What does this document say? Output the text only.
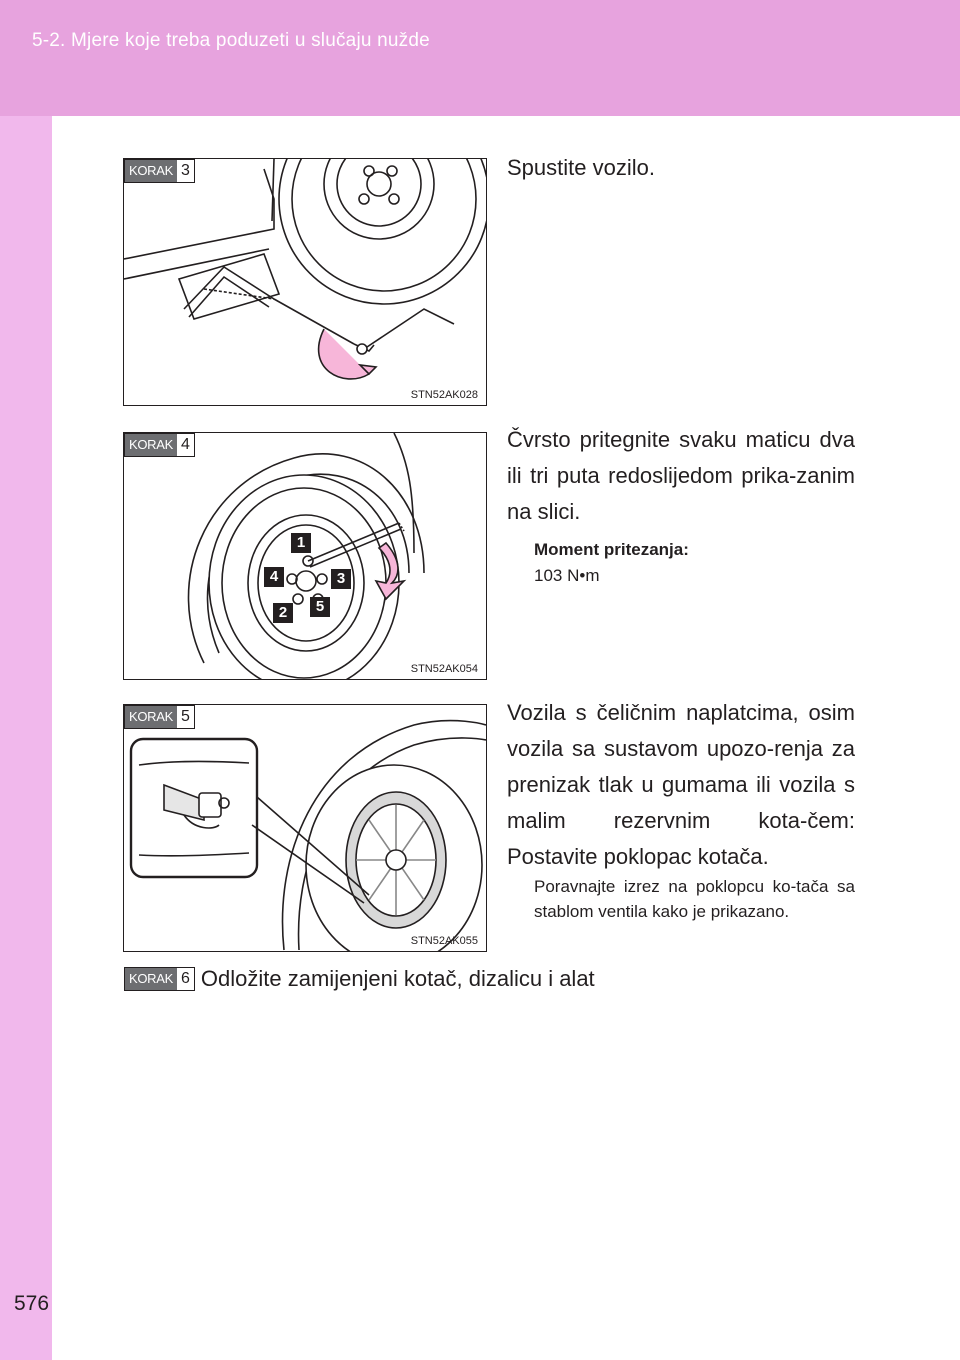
5-2. Mjere koje treba poduzeti u slučaju nužde
576
KORAK 3
STN52AK028
Spustite vozilo.
1
4	3
2	5
KORAK 4
STN52AK054
Čvrsto pritegnite svaku maticu dva ili tri puta redoslijedom prika-zanim na slici.
Moment pritezanja:
103 N•m
KORAK 5
STN52AK055
Vozila s čeličnim naplatcima, osim vozila sa sustavom upozo-renja za prenizak tlak u gumama ili vozila s malim rezervnim kota-čem: Postavite poklopac kotača.
Poravnajte izrez na poklopcu ko-tača sa stablom ventila kako je prikazano.
KORAK 6 Odložite zamijenjeni kotač, dizalicu i alat
